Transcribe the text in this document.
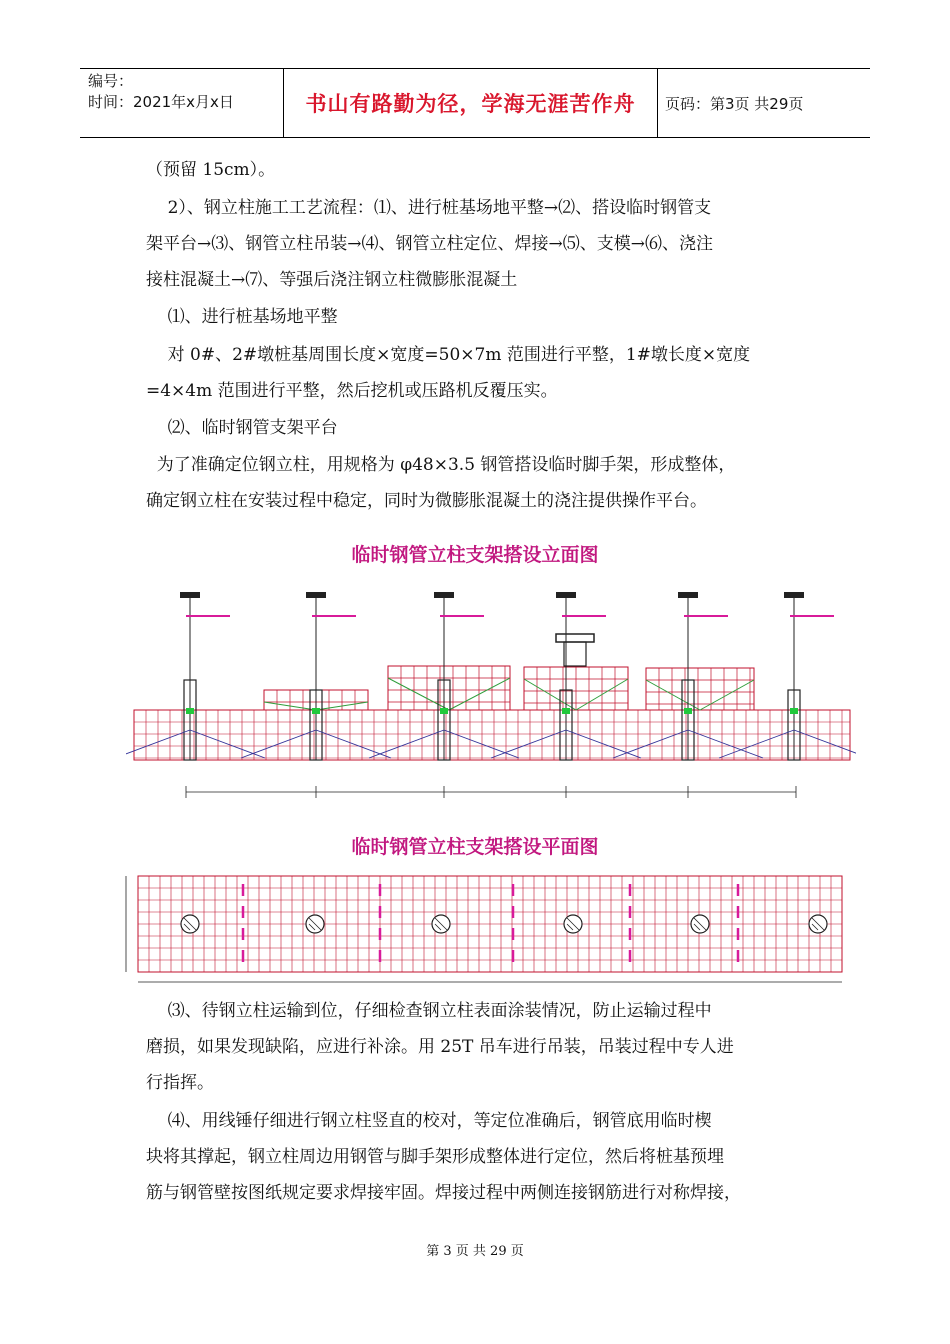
编号：
时间：2021年x月x日	书山有路勤为径，学海无涯苦作舟	页码：第3页 共29页
（预留 15cm）。
2）、钢立柱施工工艺流程：⑴、进行桩基场地平整→⑵、搭设临时钢管支
架平台→⑶、钢管立柱吊装→⑷、钢管立柱定位、焊接→⑸、支模→⑹、浇注
接柱混凝土→⑺、等强后浇注钢立柱微膨胀混凝土
⑴、进行桩基场地平整
对 0#、2#墩桩基周围长度×宽度=50×7m 范围进行平整，1#墩长度×宽度
=4×4m 范围进行平整，然后挖机或压路机反覆压实。
⑵、临时钢管支架平台
为了准确定位钢立柱，用规格为 φ48×3.5 钢管搭设临时脚手架，形成整体，
确定钢立柱在安装过程中稳定，同时为微膨胀混凝土的浇注提供操作平台。
临时钢管立柱支架搭设立面图
临时钢管立柱支架搭设平面图
⑶、待钢立柱运输到位，仔细检查钢立柱表面涂装情况，防止运输过程中
磨损，如果发现缺陷，应进行补涂。用 25T 吊车进行吊装，吊装过程中专人进
行指挥。
⑷、用线锤仔细进行钢立柱竖直的校对，等定位准确后，钢管底用临时楔
块将其撑起，钢立柱周边用钢管与脚手架形成整体进行定位，然后将桩基预埋
筋与钢管壁按图纸规定要求焊接牢固。焊接过程中两侧连接钢筋进行对称焊接，
第 3 页 共 29 页
